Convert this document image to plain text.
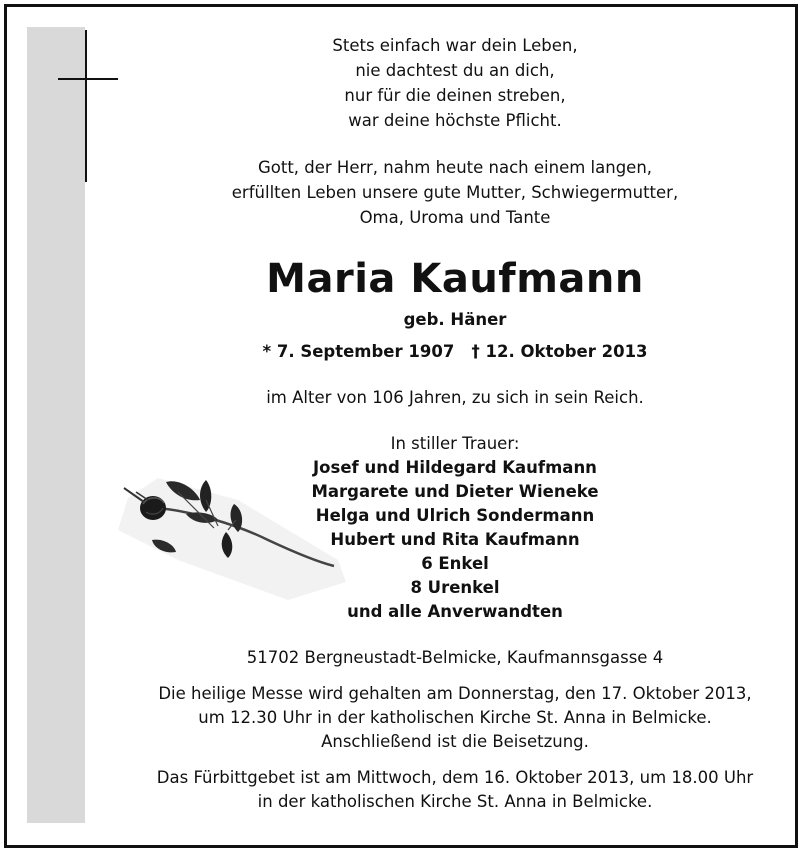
Stets einfach war dein Leben,
nie dachtest du an dich,
nur für die deinen streben,
war deine höchste Pflicht.
Gott, der Herr, nahm heute nach einem langen,
erfüllten Leben unsere gute Mutter, Schwiegermutter,
Oma, Uroma und Tante
Maria Kaufmann
geb. Häner
* 7. September 1907   † 12. Oktober 2013
im Alter von 106 Jahren, zu sich in sein Reich.
In stiller Trauer:
Josef und Hildegard Kaufmann
Margarete und Dieter Wieneke
Helga und Ulrich Sondermann
Hubert und Rita Kaufmann
6 Enkel
8 Urenkel
und alle Anverwandten
51702 Bergneustadt-Belmicke, Kaufmannsgasse 4
Die heilige Messe wird gehalten am Donnerstag, den 17. Oktober 2013,
um 12.30 Uhr in der katholischen Kirche St. Anna in Belmicke.
Anschließend ist die Beisetzung.
Das Fürbittgebet ist am Mittwoch, dem 16. Oktober 2013, um 18.00 Uhr
in der katholischen Kirche St. Anna in Belmicke.
